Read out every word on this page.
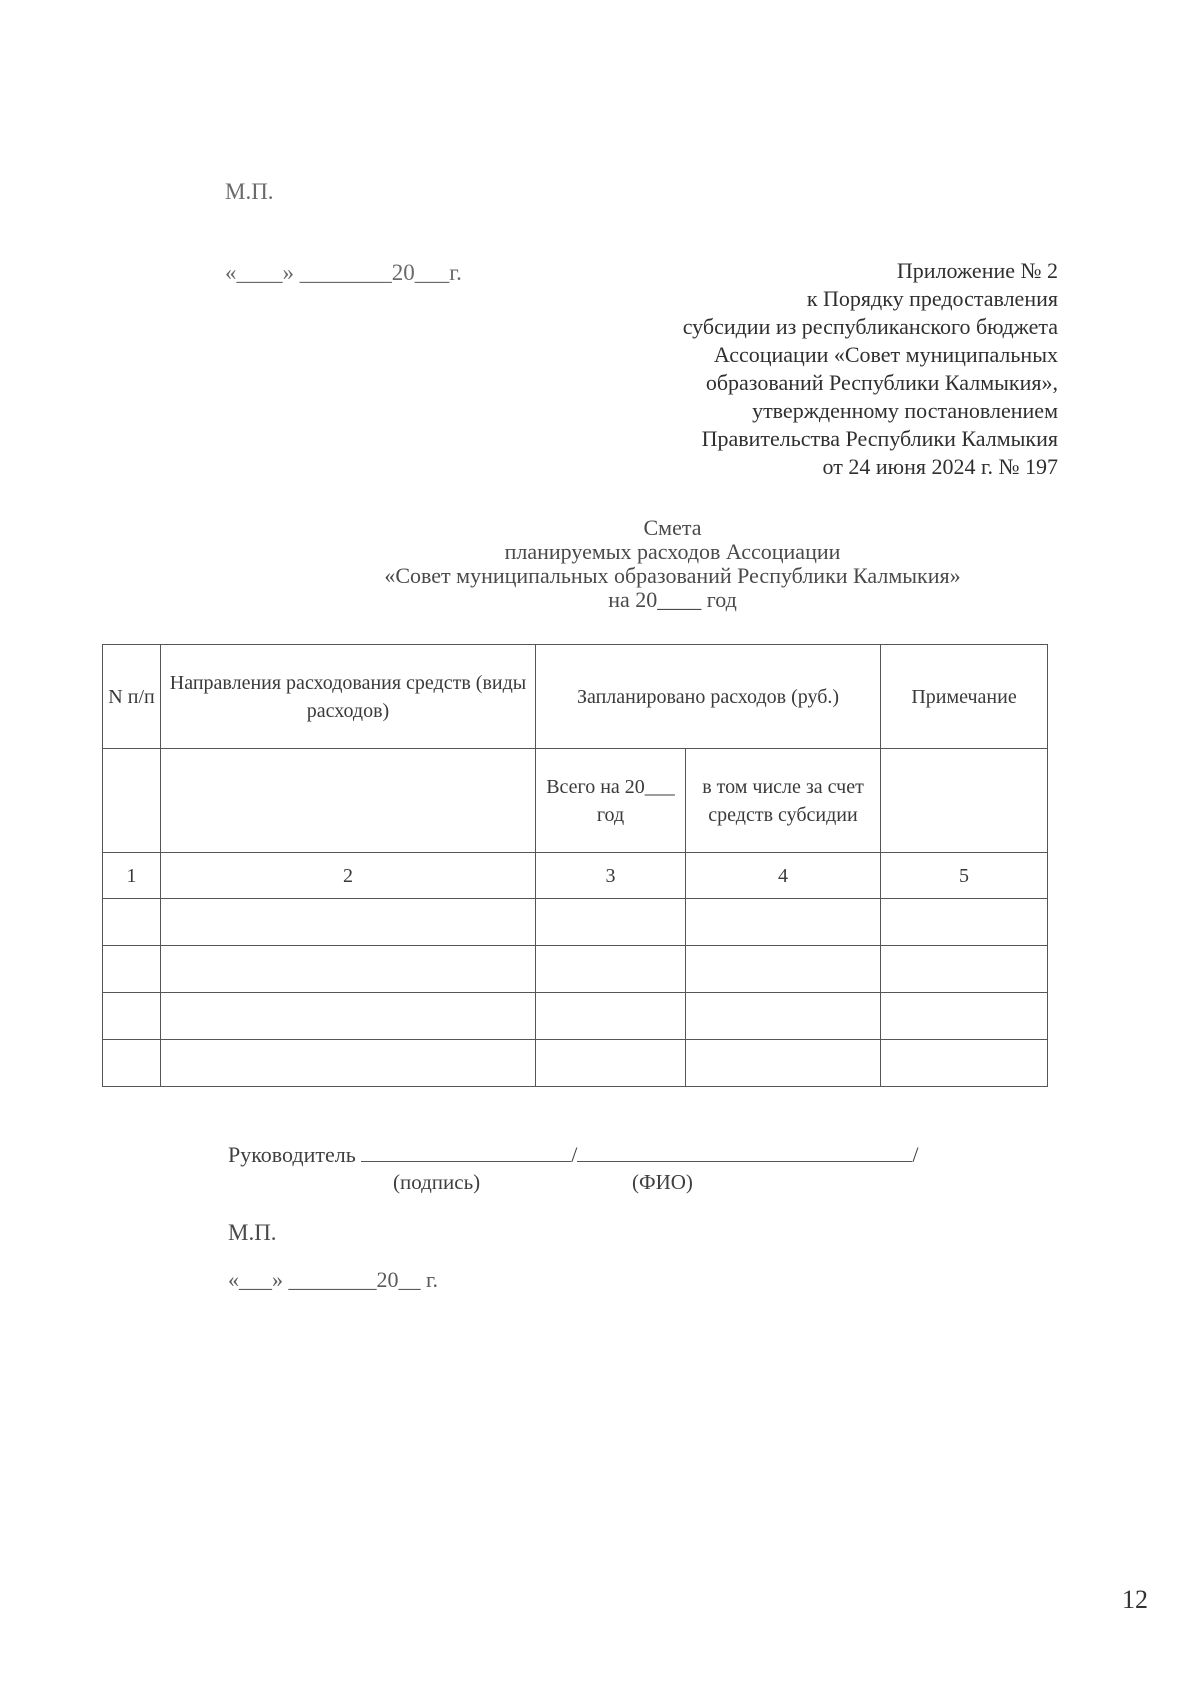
М.П.

«____» ________20___г.

	Приложение № 2
к Порядку предоставления
субсидии из республиканского бюджета
Ассоциации «Совет муниципальных
образований Республики Калмыкия»,
утвержденному постановлением
Правительства Республики Калмыкия
от 24 июня 2024 г. № 197
Смета
планируемых расходов Ассоциации
«Совет муниципальных образований Республики Калмыкия»
на 20____ год
N п/п	Направления расходования средств (виды расходов)	Запланировано расходов (руб.)		Примечание
		Всего на 20___ год	в том числе за счет средств субсидии	
1	2	3	4	5

Руководитель	/	/
(подпись)	(ФИО)
М.П.
«___» ________20__ г.
12
